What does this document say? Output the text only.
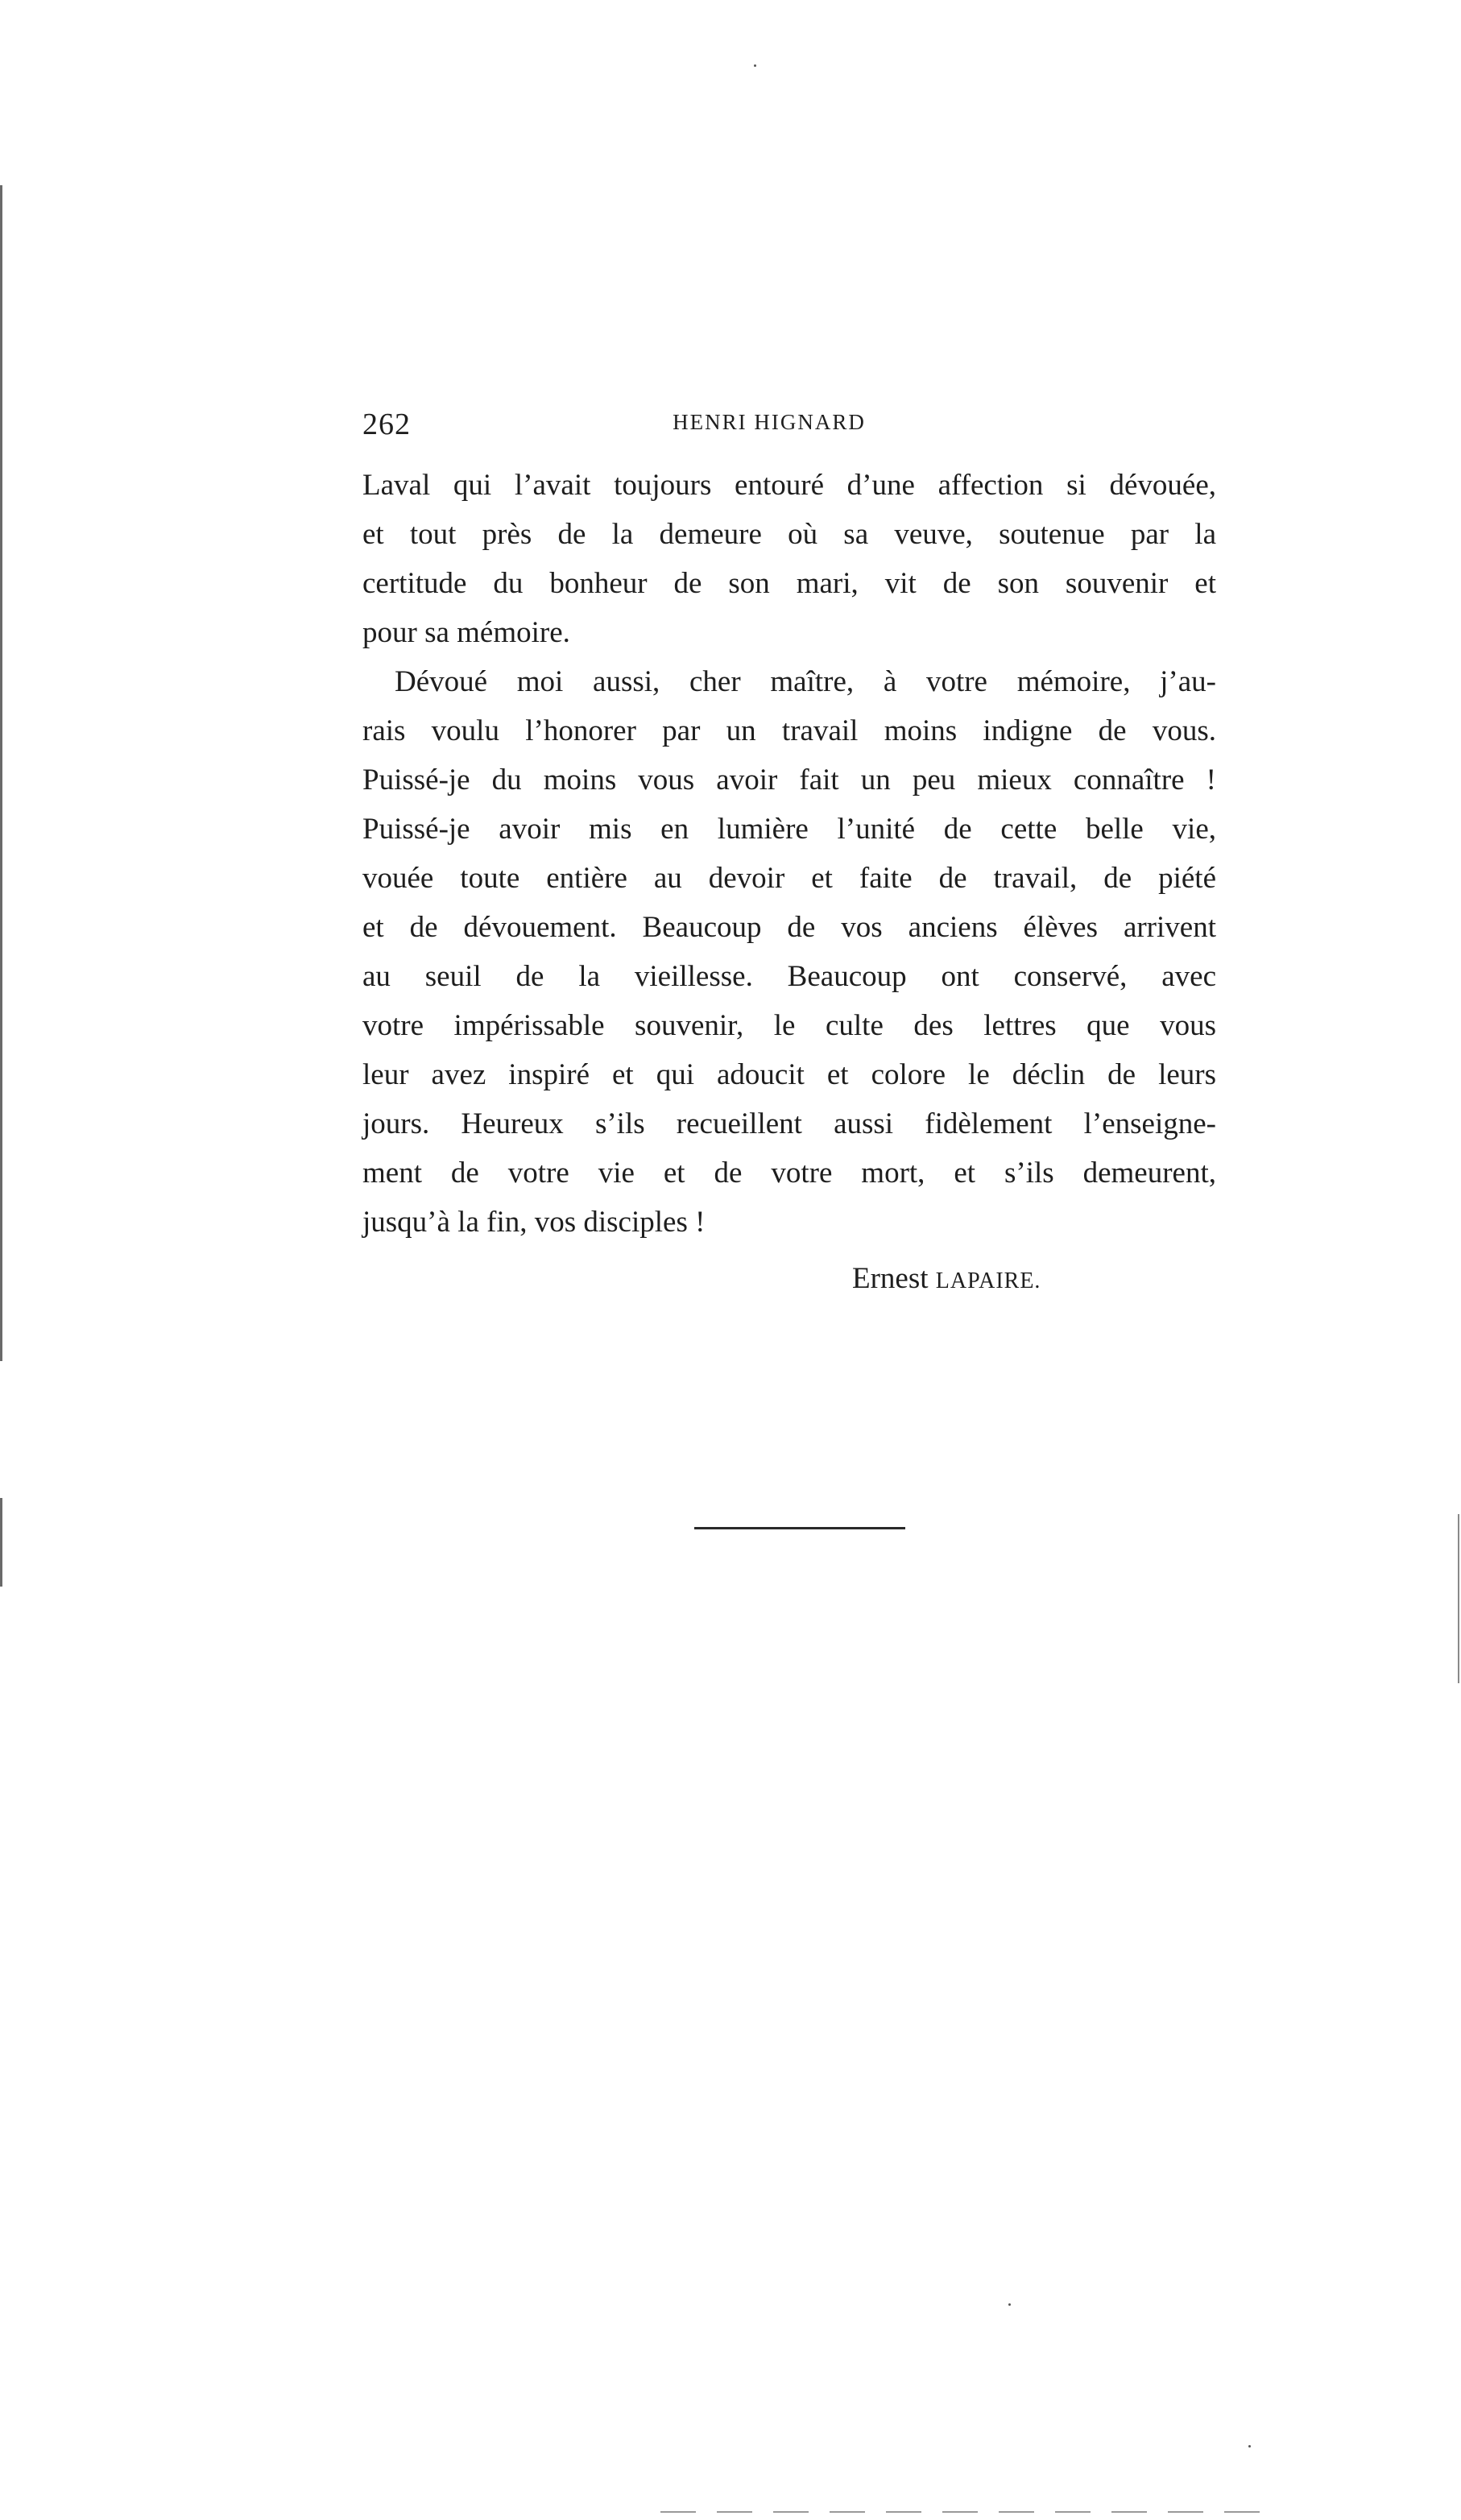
262	HENRI HIGNARD
Laval qui l’avait toujours entouré d’une affection si dévouée,
et tout près de la demeure où sa veuve, soutenue par la
certitude du bonheur de son mari, vit de son souvenir et
pour sa mémoire.
Dévoué moi aussi, cher maître, à votre mémoire, j’au-
rais voulu l’honorer par un travail moins indigne de vous.
Puissé-je du moins vous avoir fait un peu mieux connaître !
Puissé-je avoir mis en lumière l’unité de cette belle vie,
vouée toute entière au devoir et faite de travail, de piété
et de dévouement. Beaucoup de vos anciens élèves arrivent
au seuil de la vieillesse. Beaucoup ont conservé, avec
votre impérissable souvenir, le culte des lettres que vous
leur avez inspiré et qui adoucit et colore le déclin de leurs
jours. Heureux s’ils recueillent aussi fidèlement l’enseigne-
ment de votre vie et de votre mort, et s’ils demeurent,
jusqu’à la fin, vos disciples !
Ernest LAPAIRE.
